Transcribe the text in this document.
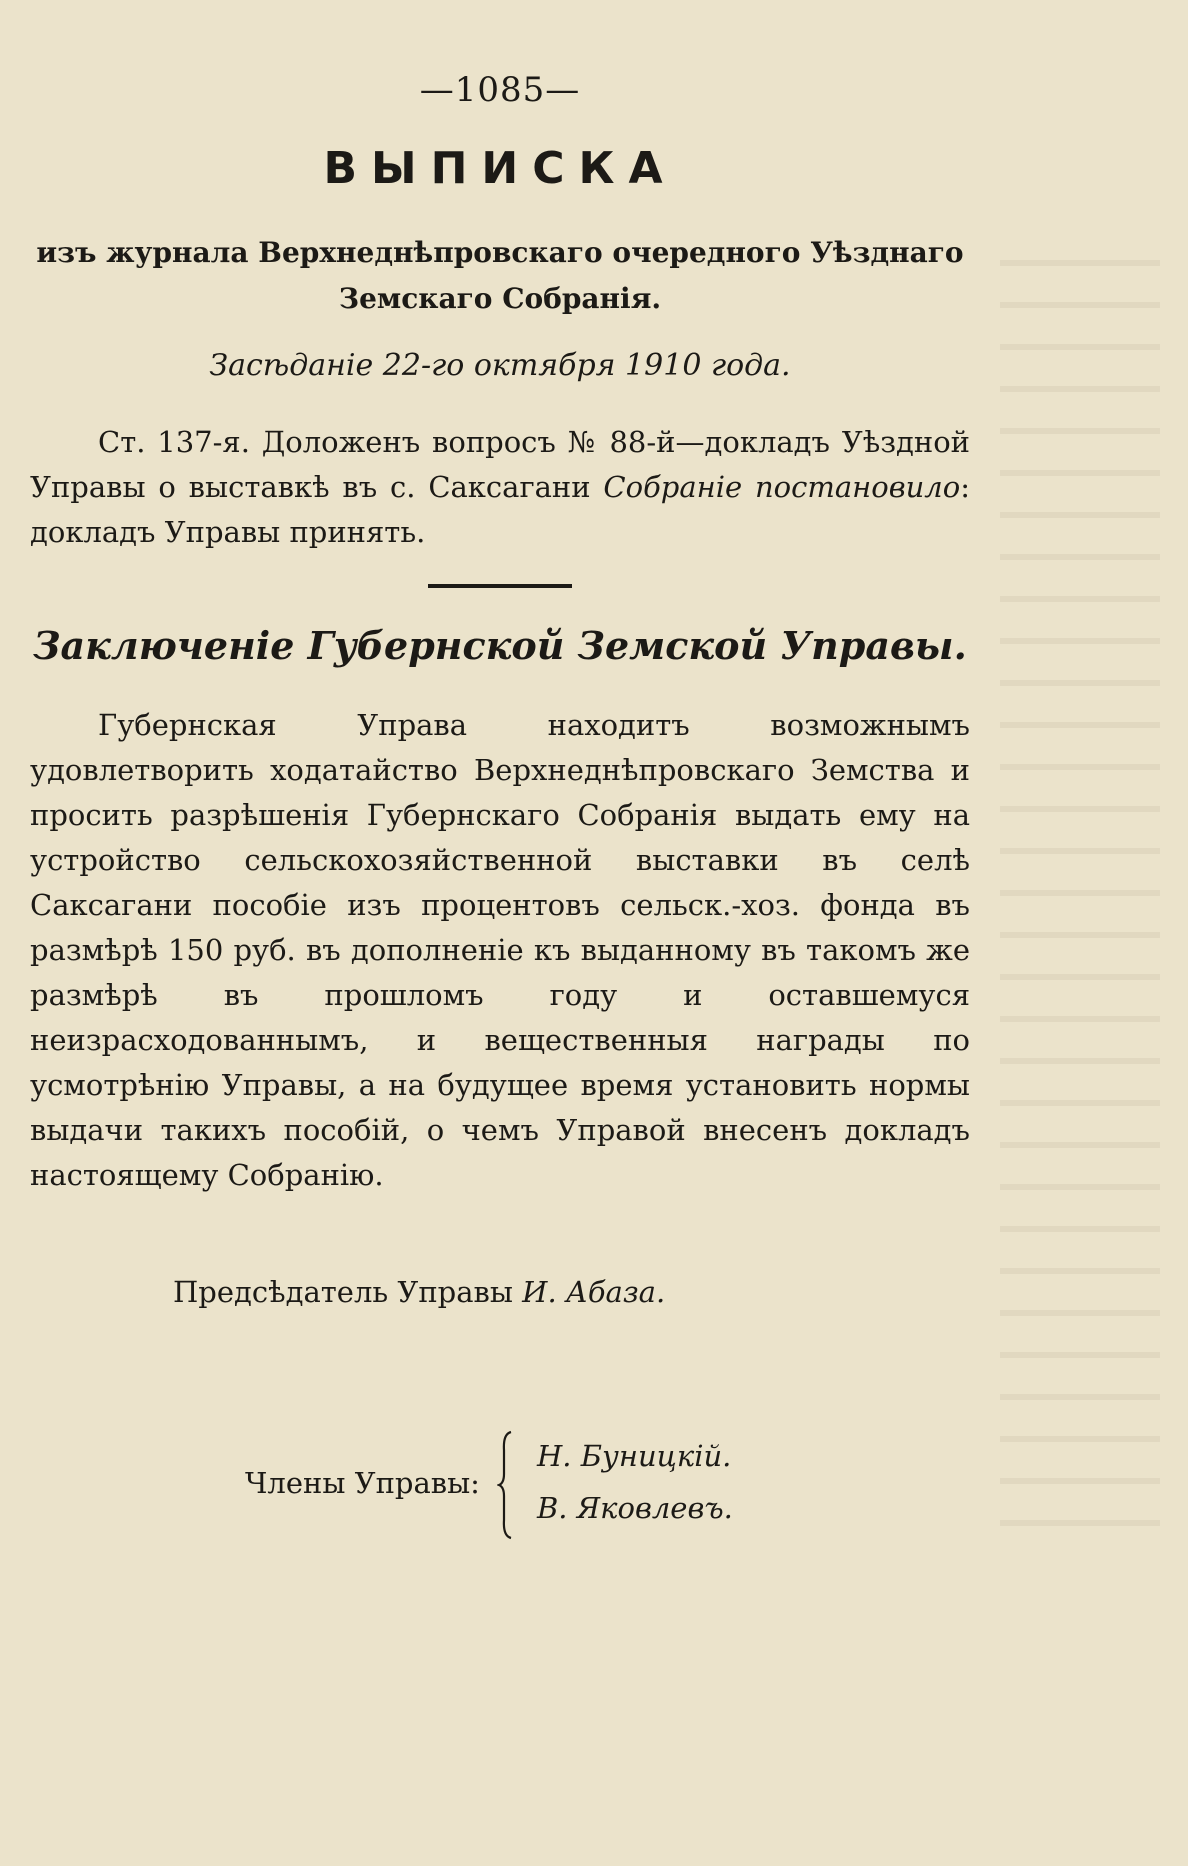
—1085—
ВЫПИСКА
изъ журнала Верхнеднѣпровскаго очередного Уѣзднаго
Земскаго Собранія.
Засѣданіе 22-го октября 1910 года.
Ст. 137-я. Доложенъ вопросъ № 88-й—докладъ Уѣздной Управы о выставкѣ въ с. Саксагани Собраніе постановило: докладъ Управы принять.
Заключеніе Губернской Земской Управы.
Губернская Управа находитъ возможнымъ удовлетворить ходатайство Верхнеднѣпровскаго Земства и просить разрѣшенія Губернскаго Собранія выдать ему на устройство сельскохозяйственной выставки въ селѣ Саксагани пособіе изъ процентовъ сельск.-хоз. фонда въ размѣрѣ 150 руб. въ дополненіе къ выданному въ такомъ же размѣрѣ въ прошломъ году и оставшемуся неизрасходованнымъ, и вещественныя награды по усмотрѣнію Управы, а на будущее время установить нормы выдачи такихъ пособій, о чемъ Управой внесенъ докладъ настоящему Собранію.
Предсѣдатель Управы И. Абаза.
Члены Управы:
Н. Буницкій.
В. Яковлевъ.
